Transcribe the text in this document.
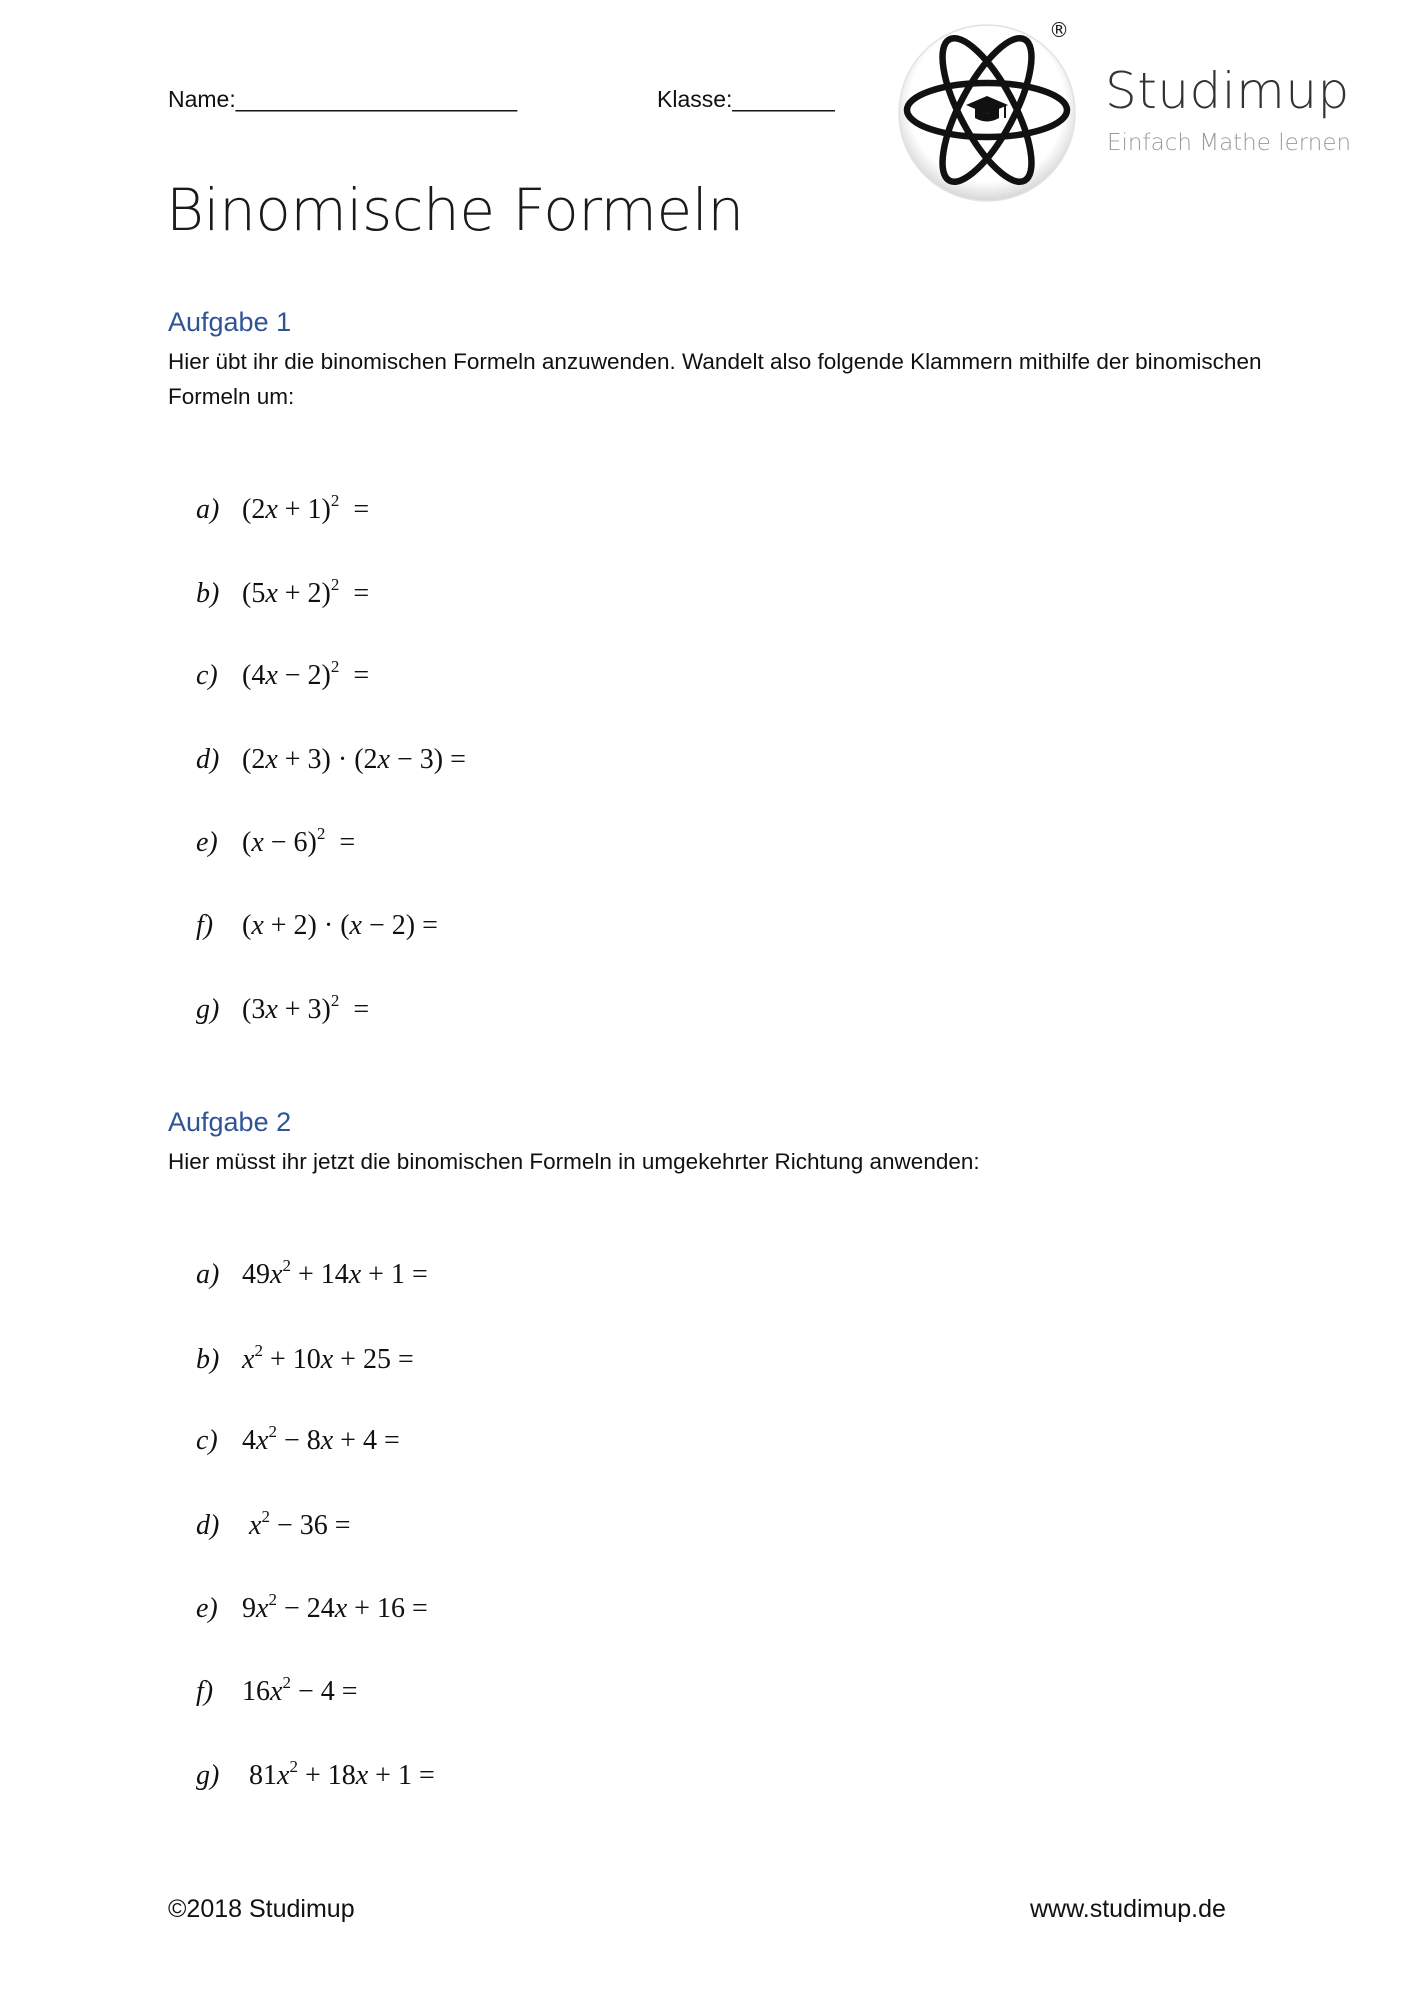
Name:______________________	Klasse:________
®
Studimup
Einfach Mathe lernen
Binomische Formeln
Aufgabe 1
Hier übt ihr die binomischen Formeln anzuwenden. Wandelt also folgende Klammern mithilfe der binomischen Formeln um:

a) $(2x + 1)^2$  =

b) $(5x + 2)^2$  =

c) $(4x - 2)^2$  =

d) (2x + 3) · (2x − 3) =

e) $(x - 6)^2$  =

f) (x + 2) · (x − 2) =

g) $(3x + 3)^2$  =

Aufgabe 2
Hier müsst ihr jetzt die binomischen Formeln in umgekehrter Richtung anwenden:

a) $49x^2 + 14x + 1$ =

b) $x^2 + 10x + 25$ =

c) $4x^2 - 8x + 4$ =

d) $x^2 - 36$ =

e) $9x^2 - 24x + 16$ =

f) $16x^2 - 4$ =

g) $81x^2 + 18x + 1$ =

©2018 Studimup	www.studimup.de
